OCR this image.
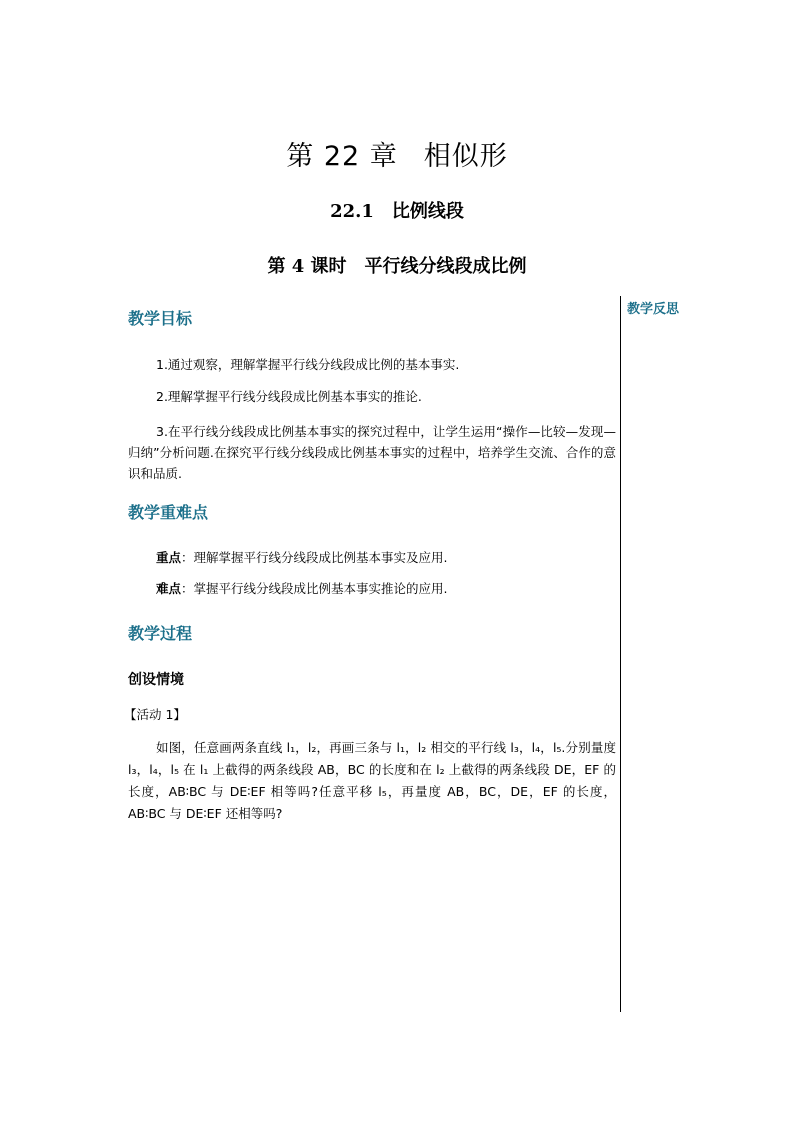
第 22 章 相似形
22.1 比例线段
第 4 课时 平行线分线段成比例
教学反思
教学目标
1.通过观察，理解掌握平行线分线段成比例的基本事实.
2.理解掌握平行线分线段成比例基本事实的推论.
3.在平行线分线段成比例基本事实的探究过程中，让学生运用“操作—比较—发现—归纳”分析问题.在探究平行线分线段成比例基本事实的过程中，培养学生交流、合作的意识和品质.
教学重难点
重点：理解掌握平行线分线段成比例基本事实及应用.
难点：掌握平行线分线段成比例基本事实推论的应用.
教学过程
创设情境
【活动 1】
如图，任意画两条直线 l₁，l₂，再画三条与 l₁，l₂ 相交的平行线 l₃，l₄，l₅.分别量度 l₃，l₄，l₅ 在 l₁ 上截得的两条线段 AB，BC 的长度和在 l₂ 上截得的两条线段 DE，EF 的长度，AB∶BC 与 DE∶EF 相等吗?任意平移 l₅，再量度 AB，BC，DE，EF 的长度，AB∶BC 与 DE∶EF 还相等吗?
